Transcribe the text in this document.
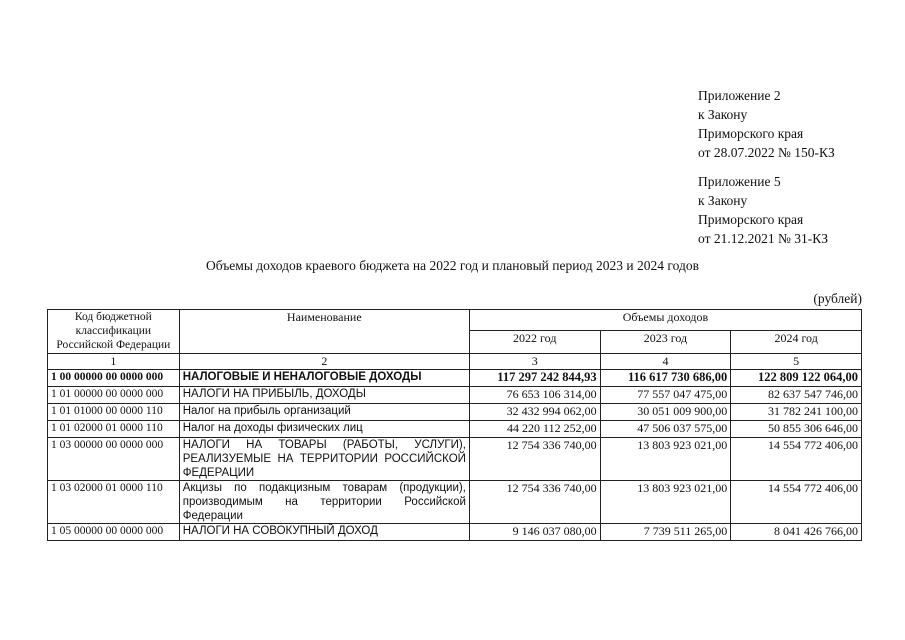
Приложение 2
к Закону
Приморского края
от 28.07.2022 № 150-КЗ
Приложение 5
к Закону
Приморского края
от 21.12.2021 № 31-КЗ
Объемы доходов краевого бюджета на 2022 год и плановый период 2023 и 2024 годов
(рублей)
Код бюджетной классификации Российской Федерации	Наименование	Объемы доходов		
		2022 год	2023 год	2024 год
1	2	3	4	5
1 00 00000 00 0000 000	НАЛОГОВЫЕ И НЕНАЛОГОВЫЕ ДОХОДЫ	117 297 242 844,93	116 617 730 686,00	122 809 122 064,00
1 01 00000 00 0000 000	НАЛОГИ НА ПРИБЫЛЬ, ДОХОДЫ	76 653 106 314,00	77 557 047 475,00	82 637 547 746,00
1 01 01000 00 0000 110	Налог на прибыль организаций	32 432 994 062,00	30 051 009 900,00	31 782 241 100,00
1 01 02000 01 0000 110	Налог на доходы физических лиц	44 220 112 252,00	47 506 037 575,00	50 855 306 646,00
1 03 00000 00 0000 000	НАЛОГИ НА ТОВАРЫ (РАБОТЫ, УСЛУГИ), РЕАЛИЗУЕМЫЕ НА ТЕРРИТОРИИ РОССИЙСКОЙ ФЕДЕРАЦИИ	12 754 336 740,00	13 803 923 021,00	14 554 772 406,00
1 03 02000 01 0000 110	Акцизы по подакцизным товарам (продукции), производимым на территории Российской Федерации	12 754 336 740,00	13 803 923 021,00	14 554 772 406,00
1 05 00000 00 0000 000	НАЛОГИ НА СОВОКУПНЫЙ ДОХОД	9 146 037 080,00	7 739 511 265,00	8 041 426 766,00
